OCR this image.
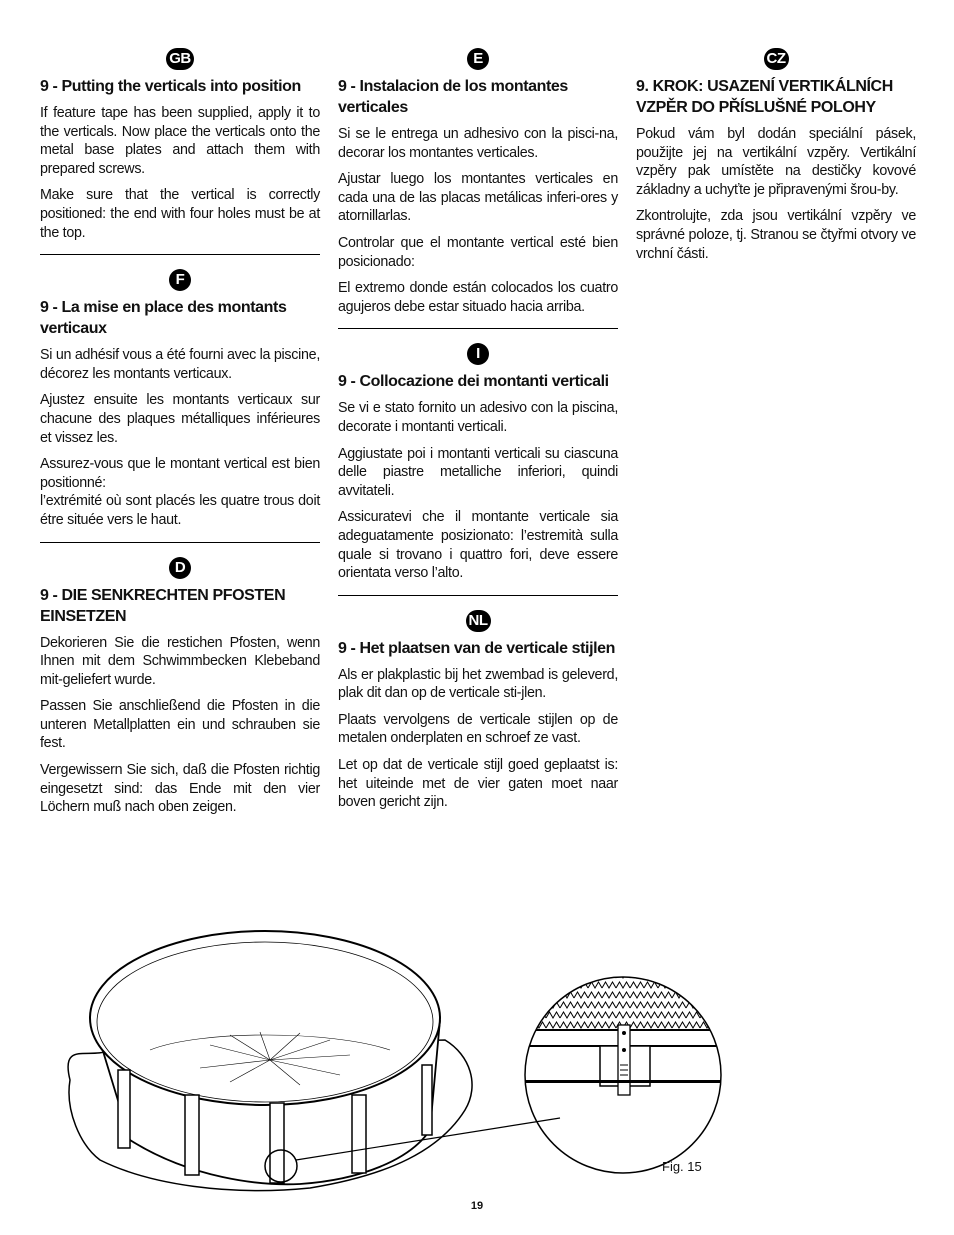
GB
9 - Putting the verticals into position

If feature tape has been supplied, apply it to the verticals. Now place the verticals onto the metal base plates and attach them with prepared screws.

Make sure that the vertical is correctly positioned: the end with four holes must be at the top.

F
9 - La mise en place des montants verticaux

Si un adhésif vous a été fourni avec la piscine, décorez les montants verticaux.

Ajustez ensuite les montants verticaux sur chacune des plaques métalliques inférieures et vissez les.

Assurez-vous que le montant vertical est bien positionné:
l’extrémité où sont placés les quatre trous doit étre située vers le haut.

D
9 - DIE SENKRECHTEN PFOSTEN EINSETZEN

Dekorieren Sie die restichen Pfosten, wenn Ihnen mit dem Schwimmbecken Klebeband mit-geliefert wurde.

Passen Sie anschließend die Pfosten in die unteren Metallplatten ein und schrauben sie fest.

Vergewissern Sie sich, daß die Pfosten richtig eingesetzt sind: das Ende mit den vier Löchern muß nach oben zeigen.

E
9 - Instalacion de los montantes verticales

Si se le entrega un adhesivo con la pisci-na, decorar los montantes verticales.

Ajustar luego los montantes verticales en cada una de las placas metálicas inferi-ores y atornillarlas.

Controlar que el montante vertical esté bien posicionado:

El extremo donde están colocados los cuatro agujeros debe estar situado hacia arriba.

I
9 - Collocazione dei montanti verticali

Se vi e stato fornito un adesivo con la piscina, decorate i montanti verticali.

Aggiustate poi i montanti verticali su ciascuna delle piastre metalliche inferiori, quindi avvitateli.

Assicuratevi che il montante verticale sia adeguatamente posizionato: l’estremità sulla quale si trovano i quattro fori, deve essere orientata verso l’alto.

NL
9 - Het plaatsen van de verticale stijlen

Als er plakplastic bij het zwembad is geleverd, plak dit dan op de verticale sti-jlen.

Plaats vervolgens de verticale stijlen op de metalen onderplaten en schroef ze vast.

Let op dat de verticale stijl goed geplaatst is: het uiteinde met de vier gaten moet naar boven gericht zijn.

CZ
9. KROK: USAZENÍ VERTIKÁLNÍCH VZPĚR DO PŘÍSLUŠNÉ POLOHY

Pokud vám byl dodán speciální pásek, použijte jej na vertikální vzpěry. Vertikální vzpěry pak umístěte na destičky kovové základny a uchyťte je připravenými šrou-by.

Zkontrolujte, zda jsou vertikální vzpěry ve správné poloze, tj. Stranou se čtyřmi otvory ve vrchní části.

Fig. 15
19
